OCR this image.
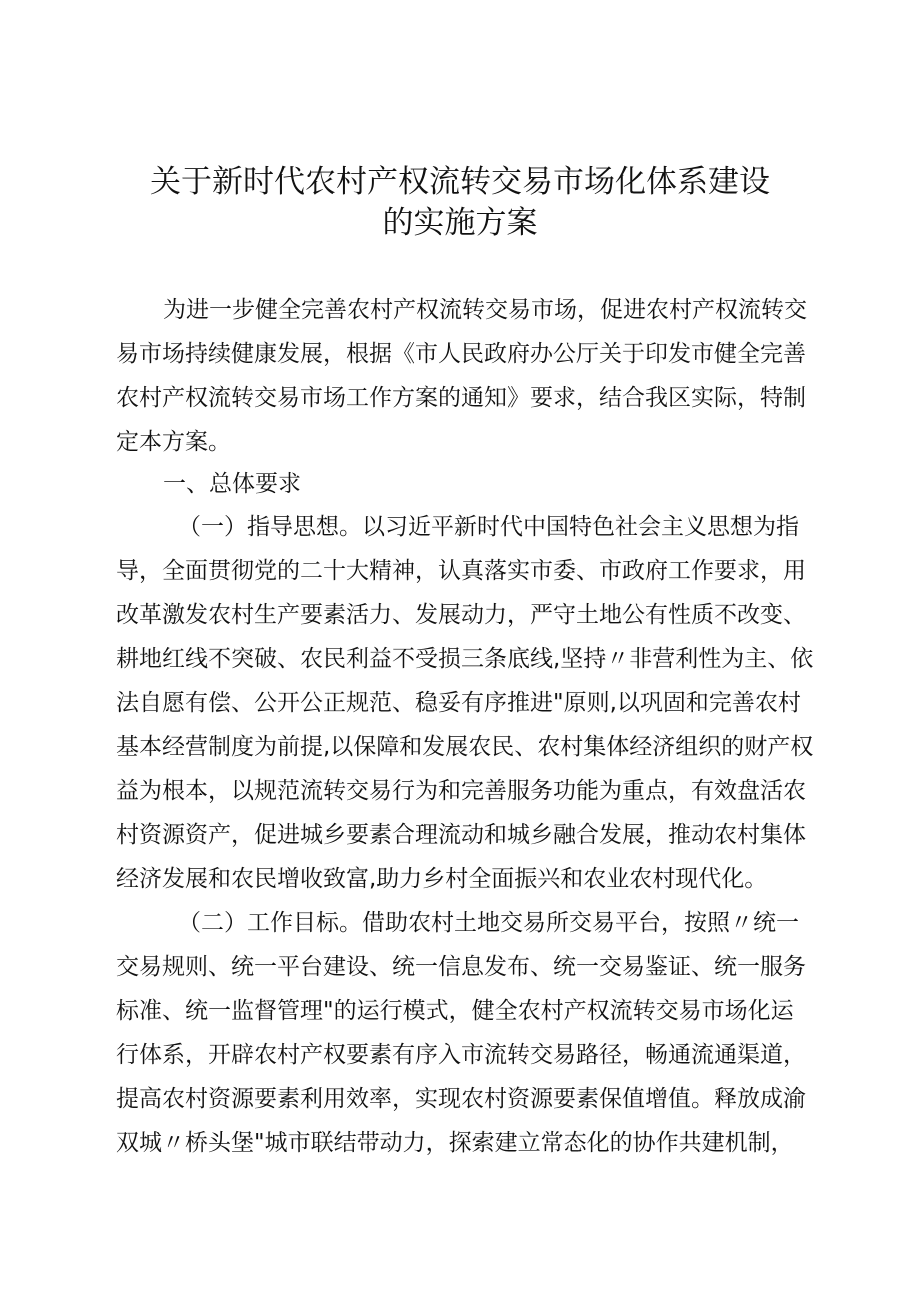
关于新时代农村产权流转交易市场化体系建设
的实施方案
为进一步健全完善农村产权流转交易市场，促进农村产权流转交
易市场持续健康发展，根据《市人民政府办公厅关于印发市健全完善
农村产权流转交易市场工作方案的通知》要求，结合我区实际，特制
定本方案。
一、总体要求
（一）指导思想。以习近平新时代中国特色社会主义思想为指
导，全面贯彻党的二十大精神，认真落实市委、市政府工作要求，用
改革激发农村生产要素活力、发展动力，严守土地公有性质不改变、
耕地红线不突破、农民利益不受损三条底线,坚持〃非营利性为主、依
法自愿有偿、公开公正规范、稳妥有序推进"原则,以巩固和完善农村
基本经营制度为前提,以保障和发展农民、农村集体经济组织的财产权
益为根本，以规范流转交易行为和完善服务功能为重点，有效盘活农
村资源资产，促进城乡要素合理流动和城乡融合发展，推动农村集体
经济发展和农民增收致富,助力乡村全面振兴和农业农村现代化。
（二）工作目标。借助农村土地交易所交易平台，按照〃统一
交易规则、统一平台建设、统一信息发布、统一交易鉴证、统一服务
标准、统一监督管理"的运行模式，健全农村产权流转交易市场化运
行体系，开辟农村产权要素有序入市流转交易路径，畅通流通渠道，
提高农村资源要素利用效率，实现农村资源要素保值增值。释放成渝
双城〃桥头堡"城市联结带动力，探索建立常态化的协作共建机制，
